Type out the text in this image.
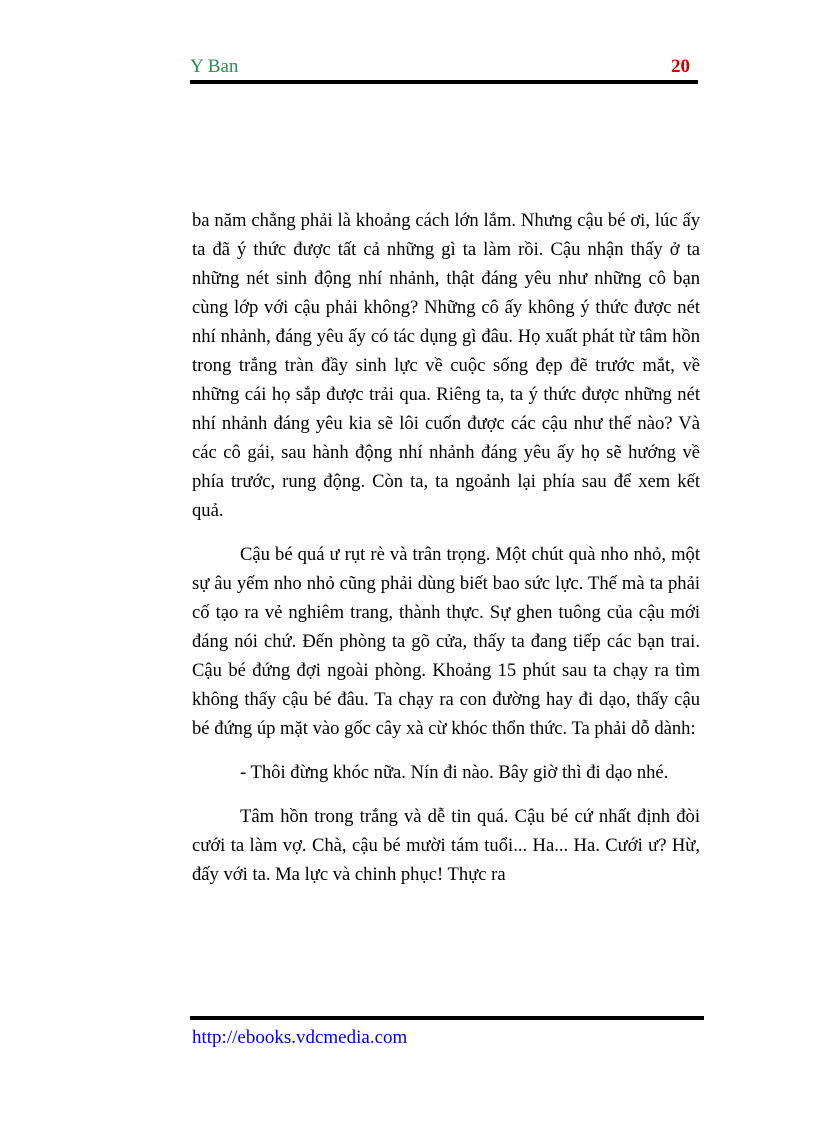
Y Ban	20

ba năm chẳng phải là khoảng cách lớn lắm. Nhưng cậu bé ơi, lúc ấy ta đã ý thức được tất cả những gì ta làm rồi. Cậu nhận thấy ở ta những nét sinh động nhí nhảnh, thật đáng yêu như những cô bạn cùng lớp với cậu phải không? Những cô ấy không ý thức được nét nhí nhảnh, đáng yêu ấy có tác dụng gì đâu. Họ xuất phát từ tâm hồn trong trắng tràn đầy sinh lực về cuộc sống đẹp đẽ trước mắt, về những cái họ sắp được trải qua. Riêng ta, ta ý thức được những nét nhí nhảnh đáng yêu kia sẽ lôi cuốn được các cậu như thế nào? Và các cô gái, sau hành động nhí nhảnh đáng yêu ấy họ sẽ hướng về phía trước, rung động. Còn ta, ta ngoảnh lại phía sau để xem kết quả.

Cậu bé quá ư rụt rè và trân trọng. Một chút quà nho nhỏ, một sự âu yếm nho nhỏ cũng phải dùng biết bao sức lực. Thế mà ta phải cố tạo ra vẻ nghiêm trang, thành thực. Sự ghen tuông của cậu mới đáng nói chứ. Đến phòng ta gõ cửa, thấy ta đang tiếp các bạn trai. Cậu bé đứng đợi ngoài phòng. Khoảng 15 phút sau ta chạy ra tìm không thấy cậu bé đâu. Ta chạy ra con đường hay đi dạo, thấy cậu bé đứng úp mặt vào gốc cây xà cừ khóc thổn thức. Ta phải dỗ dành:

- Thôi đừng khóc nữa. Nín đi nào. Bây giờ thì đi dạo nhé.

Tâm hồn trong trắng và dễ tin quá. Cậu bé cứ nhất định đòi cưới ta làm vợ. Chà, cậu bé mười tám tuổi... Ha... Ha. Cưới ư? Hừ, đấy với ta. Ma lực và chinh phục! Thực ra

http://ebooks.vdcmedia.com
